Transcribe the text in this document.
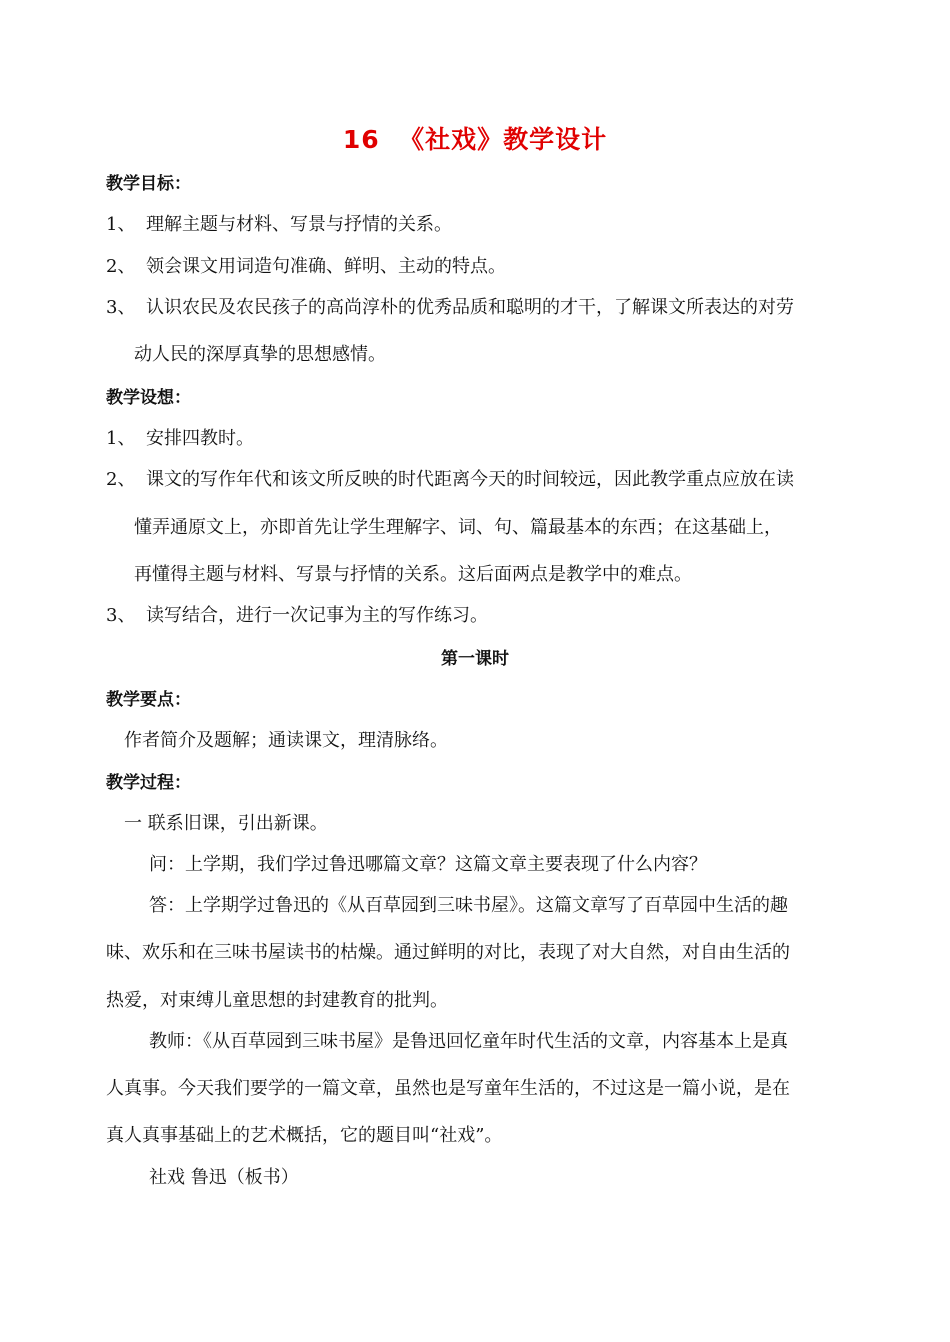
16  《社戏》教学设计
教学目标：
1、 理解主题与材料、写景与抒情的关系。
2、 领会课文用词造句准确、鲜明、主动的特点。
3、 认识农民及农民孩子的高尚淳朴的优秀品质和聪明的才干，了解课文所表达的对劳
动人民的深厚真挚的思想感情。
教学设想：
1、 安排四教时。
2、 课文的写作年代和该文所反映的时代距离今天的时间较远，因此教学重点应放在读
懂弄通原文上，亦即首先让学生理解字、词、句、篇最基本的东西；在这基础上，
再懂得主题与材料、写景与抒情的关系。这后面两点是教学中的难点。
3、 读写结合，进行一次记事为主的写作练习。
第一课时
教学要点：
作者简介及题解；通读课文，理清脉络。
教学过程：
一 联系旧课，引出新课。
问：上学期，我们学过鲁迅哪篇文章？这篇文章主要表现了什么内容？
答：上学期学过鲁迅的《从百草园到三味书屋》。这篇文章写了百草园中生活的趣
味、欢乐和在三味书屋读书的枯燥。通过鲜明的对比，表现了对大自然，对自由生活的
热爱，对束缚儿童思想的封建教育的批判。
教师：《从百草园到三味书屋》是鲁迅回忆童年时代生活的文章，内容基本上是真
人真事。今天我们要学的一篇文章，虽然也是写童年生活的，不过这是一篇小说，是在
真人真事基础上的艺术概括，它的题目叫“社戏”。
社戏 鲁迅（板书）
